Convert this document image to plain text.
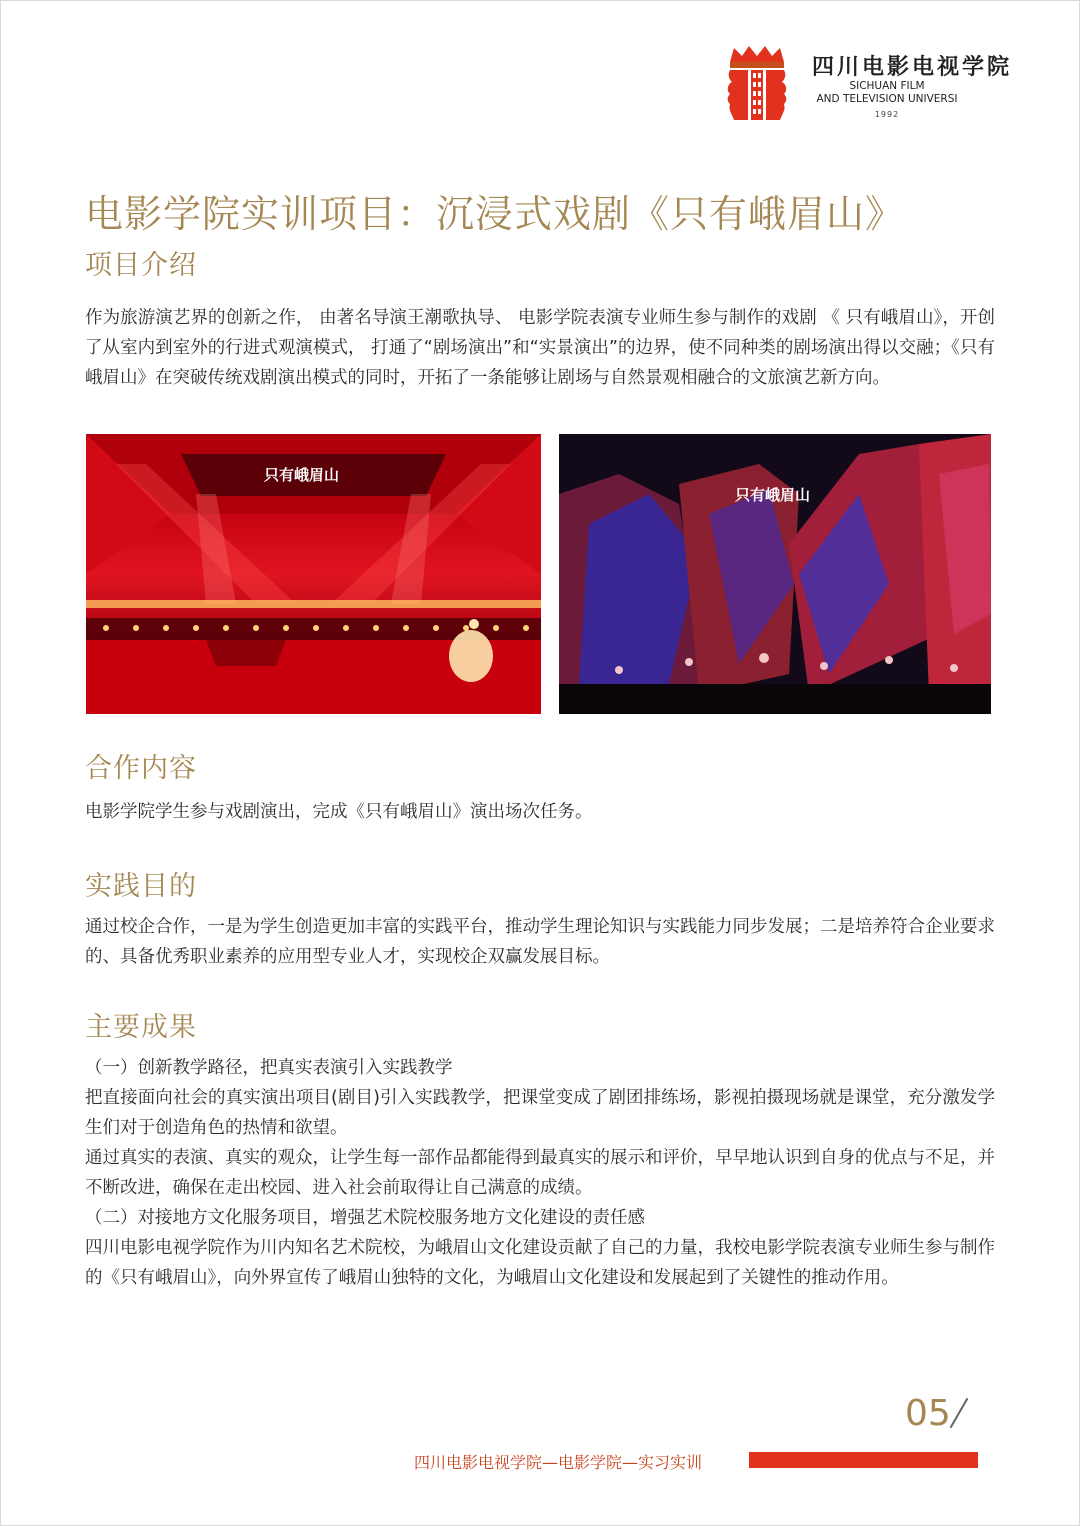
四川电影电视学院
SICHUAN FILM
AND TELEVISION UNIVERSI
1992
电影学院实训项目：沉浸式戏剧《只有峨眉山》
项目介绍
作为旅游演艺界的创新之作， 由著名导演王潮歌执导、 电影学院表演专业师生参与制作的戏剧 《 只有峨眉山》，开创了从室内到室外的行进式观演模式， 打通了“剧场演出”和“实景演出”的边界，使不同种类的剧场演出得以交融；《只有峨眉山》在突破传统戏剧演出模式的同时，开拓了一条能够让剧场与自然景观相融合的文旅演艺新方向。
只有峨眉山
只有峨眉山
合作内容
电影学院学生参与戏剧演出，完成《只有峨眉山》演出场次任务。
实践目的
通过校企合作，一是为学生创造更加丰富的实践平台，推动学生理论知识与实践能力同步发展；二是培养符合企业要求的、具备优秀职业素养的应用型专业人才，实现校企双赢发展目标。
主要成果
（一）创新教学路径，把真实表演引入实践教学
把直接面向社会的真实演出项目(剧目)引入实践教学，把课堂变成了剧团排练场，影视拍摄现场就是课堂，充分激发学生们对于创造角色的热情和欲望。
通过真实的表演、真实的观众，让学生每一部作品都能得到最真实的展示和评价，早早地认识到自身的优点与不足，并不断改进，确保在走出校园、进入社会前取得让自己满意的成绩。
（二）对接地方文化服务项目，增强艺术院校服务地方文化建设的责任感
四川电影电视学院作为川内知名艺术院校，为峨眉山文化建设贡献了自己的力量，我校电影学院表演专业师生参与制作的《只有峨眉山》，向外界宣传了峨眉山独特的文化，为峨眉山文化建设和发展起到了关键性的推动作用。
05
四川电影电视学院—电影学院—实习实训
